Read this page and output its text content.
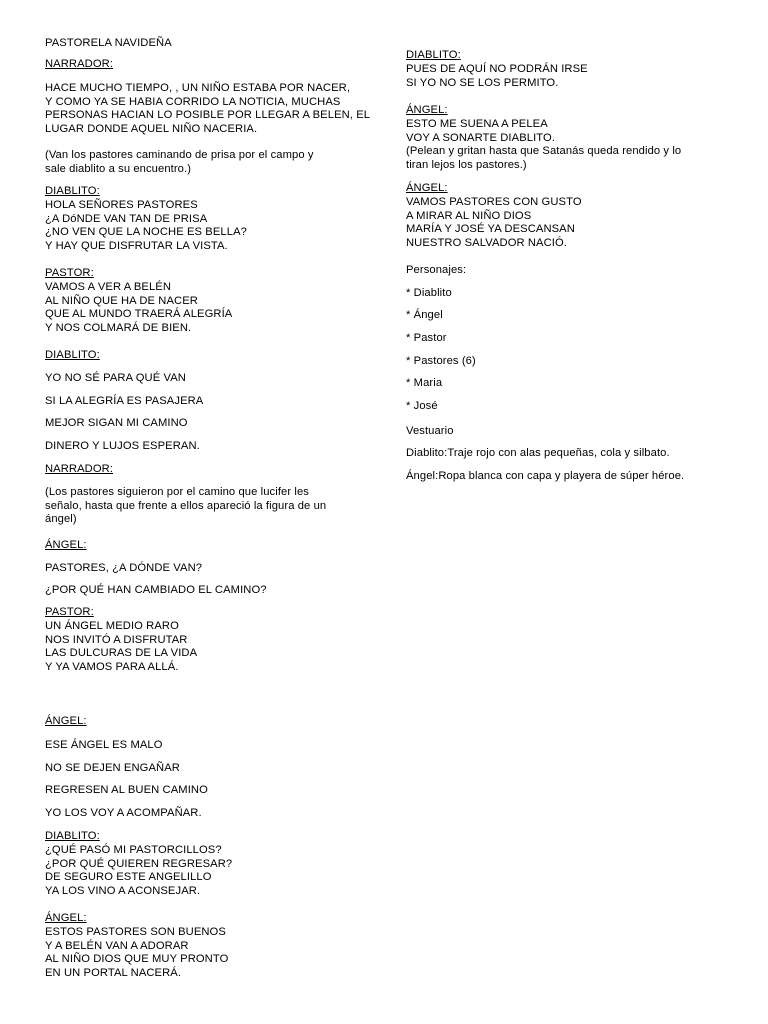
PASTORELA NAVIDEÑA
NARRADOR:
HACE MUCHO TIEMPO, , UN NIÑO ESTABA POR NACER,
Y COMO YA SE HABIA CORRIDO LA NOTICIA, MUCHAS
PERSONAS HACIAN LO POSIBLE POR LLEGAR A BELEN, EL
LUGAR DONDE AQUEL NIÑO NACERIA.
(Van los pastores caminando de prisa por el campo y
sale diablito a su encuentro.)
DIABLITO:
HOLA SEÑORES PASTORES
¿A DóNDE VAN TAN DE PRISA
¿NO VEN QUE LA NOCHE ES BELLA?
Y HAY QUE DISFRUTAR LA VISTA.
PASTOR:
VAMOS A VER A BELÉN
AL NIÑO QUE HA DE NACER
QUE AL MUNDO TRAERÁ ALEGRÍA
Y NOS COLMARÁ DE BIEN.
DIABLITO:
YO NO SÉ PARA QUÉ VAN
SI LA ALEGRÍA ES PASAJERA
MEJOR SIGAN MI CAMINO
DINERO Y LUJOS ESPERAN.
NARRADOR:
(Los pastores siguieron por el camino que lucifer les
señalo, hasta que frente a ellos apareció la figura de un
ángel)
ÁNGEL:
PASTORES, ¿A DÓNDE VAN?
¿POR QUÉ HAN CAMBIADO EL CAMINO?
PASTOR:
UN ÁNGEL MEDIO RARO
NOS INVITÓ A DISFRUTAR
LAS DULCURAS DE LA VIDA
Y YA VAMOS PARA ALLÁ.
ÁNGEL:
ESE ÁNGEL ES MALO
NO SE DEJEN ENGAÑAR
REGRESEN AL BUEN CAMINO
YO LOS VOY A ACOMPAÑAR.
DIABLITO:
¿QUÉ PASÓ MI PASTORCILLOS?
¿POR QUÉ QUIEREN REGRESAR?
DE SEGURO ESTE ANGELILLO
YA LOS VINO A ACONSEJAR.
ÁNGEL:
ESTOS PASTORES SON BUENOS
Y A BELÉN VAN A ADORAR
AL NIÑO DIOS QUE MUY PRONTO
EN UN PORTAL NACERÁ.
DIABLITO:
PUES DE AQUÍ NO PODRÁN IRSE
SI YO NO SE LOS PERMITO.
ÁNGEL:
ESTO ME SUENA A PELEA
VOY A SONARTE DIABLITO.
(Pelean y gritan hasta que Satanás queda rendido y lo
tiran lejos los pastores.)
ÁNGEL:
VAMOS PASTORES CON GUSTO
A MIRAR AL NIÑO DIOS
MARÍA Y JOSÉ YA DESCANSAN
NUESTRO SALVADOR NACIÓ.
Personajes:
* Diablito
* Ángel
* Pastor
* Pastores (6)
* Maria
* José
Vestuario
Diablito:Traje rojo con alas pequeñas, cola y silbato.
Ángel:Ropa blanca con capa y playera de súper héroe.
